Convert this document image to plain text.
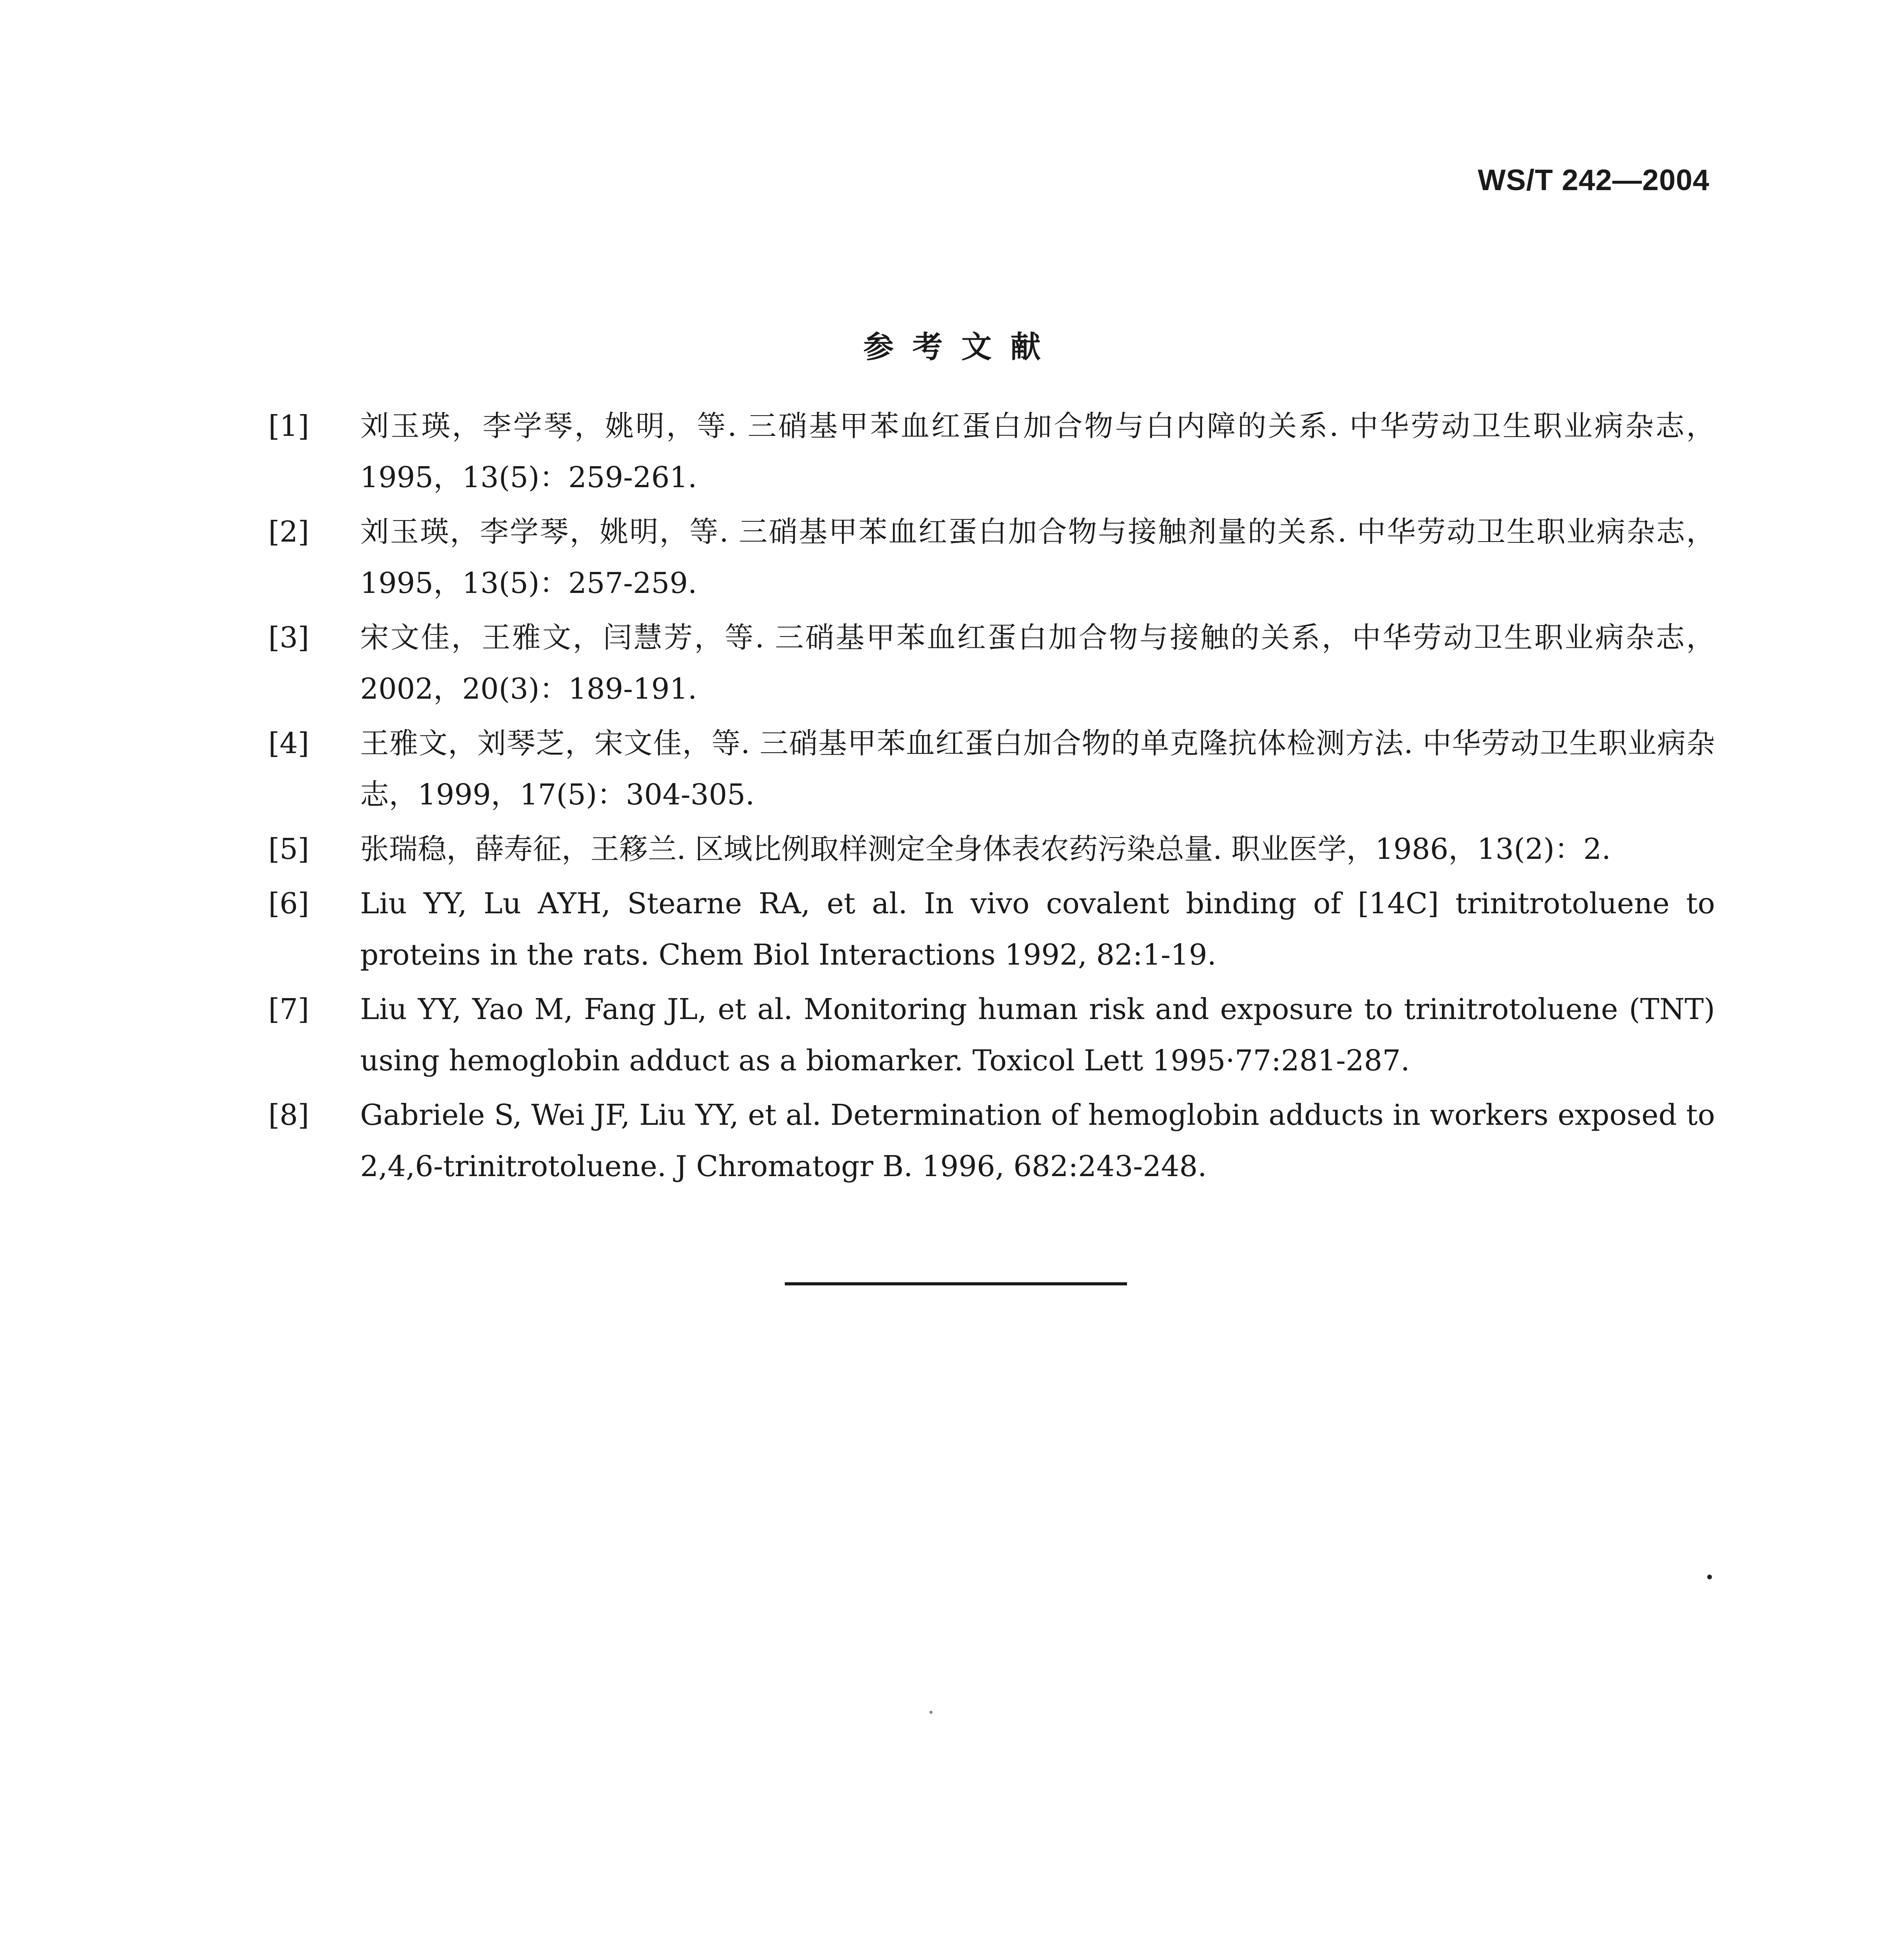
WS/T 242—2004
参考文献
[1]	刘玉瑛，李学琴，姚明，等. 三硝基甲苯血红蛋白加合物与白内障的关系. 中华劳动卫生职业病杂志，1995，13(5)：259-261.
[2]	刘玉瑛，李学琴，姚明，等. 三硝基甲苯血红蛋白加合物与接触剂量的关系. 中华劳动卫生职业病杂志，1995，13(5)：257-259.
[3]	宋文佳，王雅文，闫慧芳，等. 三硝基甲苯血红蛋白加合物与接触的关系，中华劳动卫生职业病杂志，2002，20(3)：189-191.
[4]	王雅文，刘琴芝，宋文佳，等. 三硝基甲苯血红蛋白加合物的单克隆抗体检测方法. 中华劳动卫生职业病杂志，1999，17(5)：304-305.
[5]	张瑞稳，薛寿征，王簃兰. 区域比例取样测定全身体表农药污染总量. 职业医学，1986，13(2)：2.
[6]	Liu YY, Lu AYH, Stearne RA, et al. In vivo covalent binding of [14C] trinitrotoluene to proteins in the rats. Chem Biol Interactions 1992, 82:1-19.
[7]	Liu YY, Yao M, Fang JL, et al. Monitoring human risk and exposure to trinitrotoluene (TNT) using hemoglobin adduct as a biomarker. Toxicol Lett 1995·77:281-287.
[8]	Gabriele S, Wei JF, Liu YY, et al. Determination of hemoglobin adducts in workers exposed to 2,4,6-trinitrotoluene. J Chromatogr B. 1996, 682:243-248.
